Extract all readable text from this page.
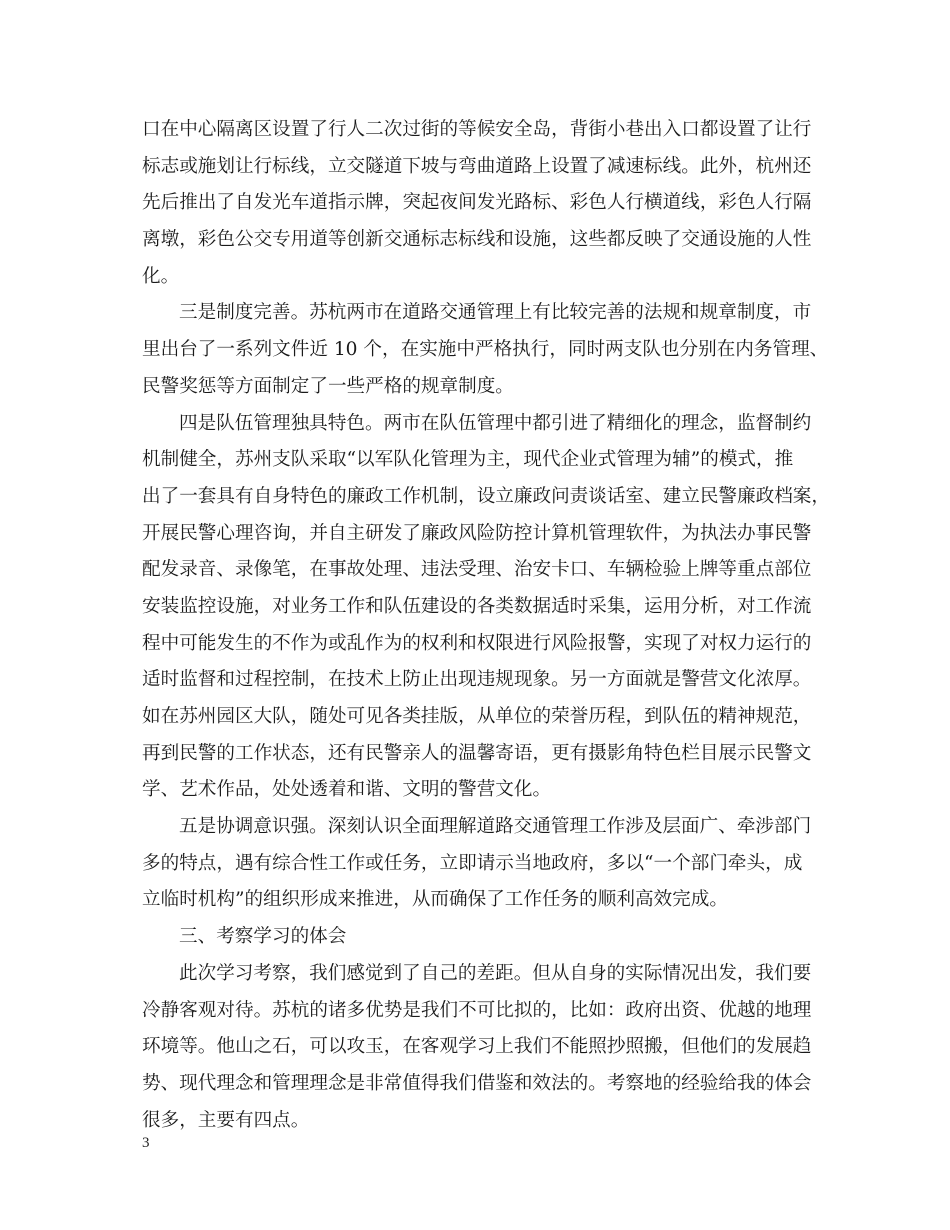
口在中心隔离区设置了行人二次过街的等候安全岛，背街小巷出入口都设置了让行
标志或施划让行标线，立交隧道下坡与弯曲道路上设置了减速标线。此外，杭州还
先后推出了自发光车道指示牌，突起夜间发光路标、彩色人行横道线，彩色人行隔
离墩，彩色公交专用道等创新交通标志标线和设施，这些都反映了交通设施的人性
化。
三是制度完善。苏杭两市在道路交通管理上有比较完善的法规和规章制度，市
里出台了一系列文件近 10 个，在实施中严格执行，同时两支队也分别在内务管理、
民警奖惩等方面制定了一些严格的规章制度。
四是队伍管理独具特色。两市在队伍管理中都引进了精细化的理念，监督制约
机制健全，苏州支队采取“以军队化管理为主，现代企业式管理为辅”的模式，推
出了一套具有自身特色的廉政工作机制，设立廉政问责谈话室、建立民警廉政档案，
开展民警心理咨询，并自主研发了廉政风险防控计算机管理软件，为执法办事民警
配发录音、录像笔，在事故处理、违法受理、治安卡口、车辆检验上牌等重点部位
安装监控设施，对业务工作和队伍建设的各类数据适时采集，运用分析，对工作流
程中可能发生的不作为或乱作为的权利和权限进行风险报警，实现了对权力运行的
适时监督和过程控制，在技术上防止出现违规现象。另一方面就是警营文化浓厚。
如在苏州园区大队，随处可见各类挂版，从单位的荣誉历程，到队伍的精神规范，
再到民警的工作状态，还有民警亲人的温馨寄语，更有摄影角特色栏目展示民警文
学、艺术作品，处处透着和谐、文明的警营文化。
五是协调意识强。深刻认识全面理解道路交通管理工作涉及层面广、牵涉部门
多的特点，遇有综合性工作或任务，立即请示当地政府，多以“一个部门牵头，成
立临时机构”的组织形成来推进，从而确保了工作任务的顺利高效完成。
三、考察学习的体会
此次学习考察，我们感觉到了自己的差距。但从自身的实际情况出发，我们要
冷静客观对待。苏杭的诸多优势是我们不可比拟的，比如：政府出资、优越的地理
环境等。他山之石，可以攻玉，在客观学习上我们不能照抄照搬，但他们的发展趋
势、现代理念和管理理念是非常值得我们借鉴和效法的。考察地的经验给我的体会
很多，主要有四点。
3
